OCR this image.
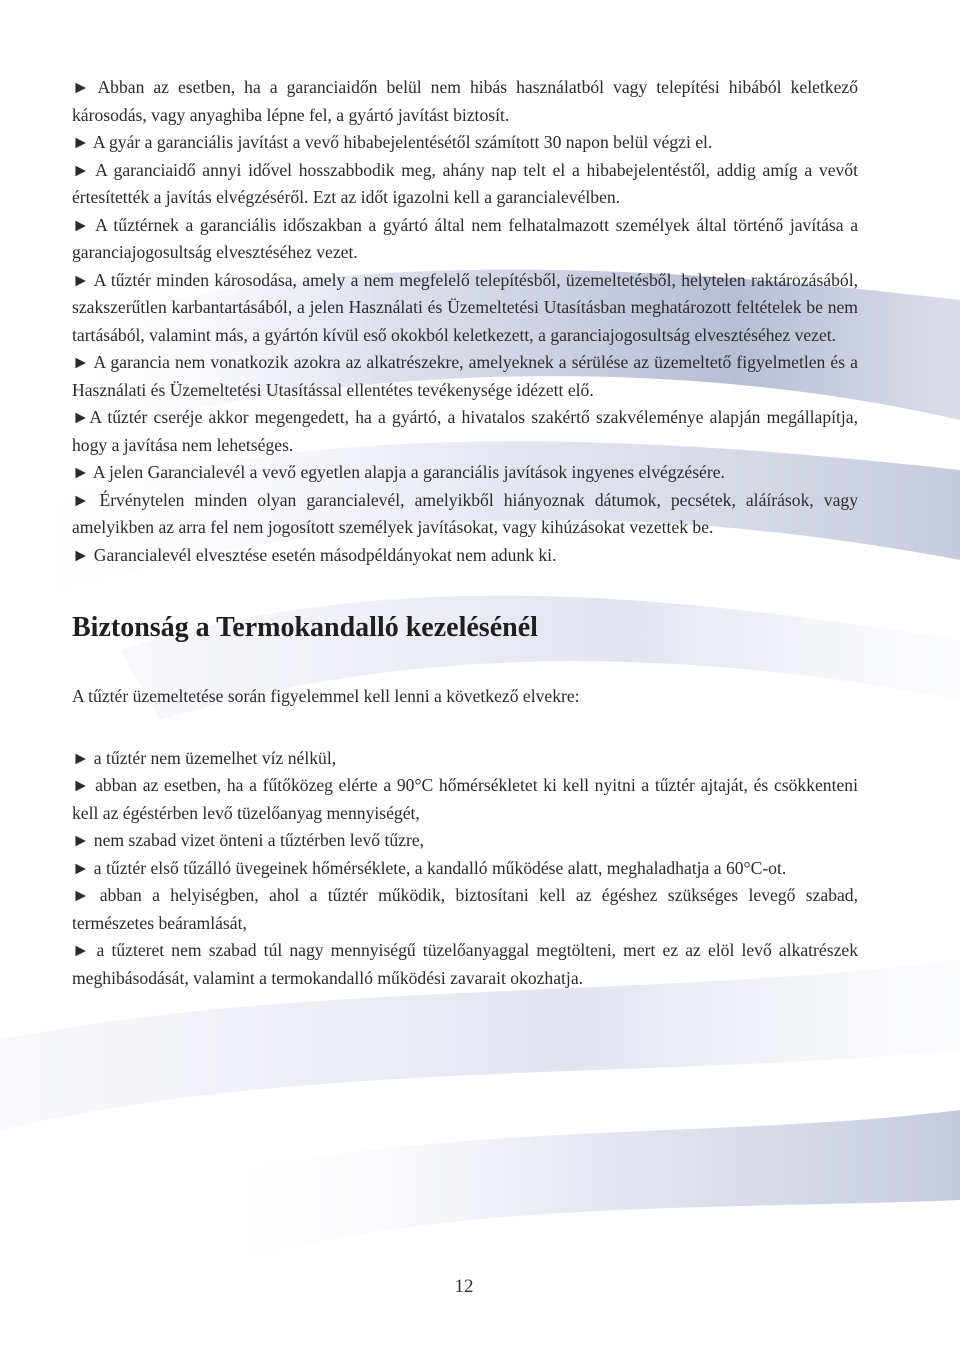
► Abban az esetben, ha a garanciaidőn belül nem hibás használatból vagy telepítési hibából keletkező károsodás, vagy anyaghiba lépne fel, a gyártó javítást biztosít.

► A gyár a garanciális javítást a vevő hibabejelentésétől számított 30 napon belül végzi el.

► A garanciaidő annyi idővel hosszabbodik meg, ahány nap telt el a hibabejelentéstől, addig amíg a vevőt értesítették a javítás elvégzéséről. Ezt az időt igazolni kell a garancialevélben.

► A tűztérnek a garanciális időszakban a gyártó által nem felhatalmazott személyek által történő javítása a garanciajogosultság elvesztéséhez vezet.

► A tűztér minden károsodása, amely a nem megfelelő telepítésből, üzemeltetésből, helytelen raktározásából, szakszerűtlen karbantartásából, a jelen Használati és Üzemeltetési Utasításban meghatározott feltételek be nem tartásából, valamint más, a gyártón kívül eső okokból keletkezett, a garanciajogosultság elvesztéséhez vezet.

► A garancia nem vonatkozik azokra az alkatrészekre, amelyeknek a sérülése az üzemeltető figyelmetlen és a Használati és Üzemeltetési Utasítással ellentétes tevékenysége idézett elő.

►A tűztér cseréje akkor megengedett, ha a gyártó, a hivatalos szakértő szakvéleménye alapján megállapítja, hogy a javítása nem lehetséges.

► A jelen Garancialevél a vevő egyetlen alapja a garanciális javítások ingyenes elvégzésére.

► Érvénytelen minden olyan garancialevél, amelyikből hiányoznak dátumok, pecsétek, aláírások, vagy amelyikben az arra fel nem jogosított személyek javításokat, vagy kihúzásokat vezettek be.

► Garancialevél elvesztése esetén másodpéldányokat nem adunk ki.

Biztonság a Termokandalló kezelésénél

A tűztér üzemeltetése során figyelemmel kell lenni a következő elvekre:

► a tűztér nem üzemelhet víz nélkül,

► abban az esetben, ha a fűtőközeg elérte a 90°C hőmérsékletet ki kell nyitni a tűztér ajtaját, és csökkenteni kell az égéstérben levő tüzelőanyag mennyiségét,

► nem szabad vizet önteni a tűztérben levő tűzre,

► a tűztér első tűzálló üvegeinek hőmérséklete, a kandalló működése alatt, meghaladhatja a 60°C-ot.

► abban a helyiségben, ahol a tűztér működik, biztosítani kell az égéshez szükséges levegő szabad, természetes beáramlását,

► a tűzteret nem szabad túl nagy mennyiségű tüzelőanyaggal megtölteni, mert ez az elöl levő alkatrészek meghibásodását, valamint a termokandalló működési zavarait okozhatja.

12
